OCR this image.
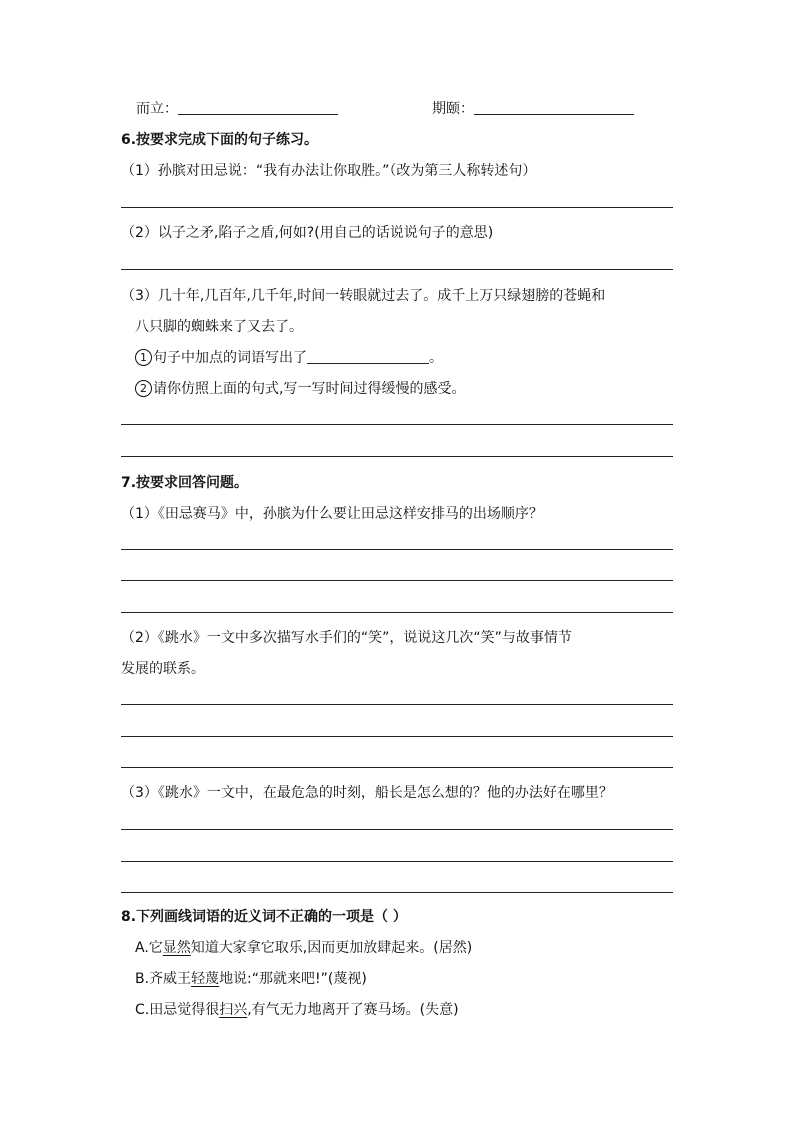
而立：	期颐：
6.按要求完成下面的句子练习。
（1）孙膑对田忌说：“我有办法让你取胜。”（改为第三人称转述句）
（2）以子之矛,陷子之盾,何如?(用自己的话说说句子的意思)
（3）几十年,几百年,几千年,时间一转眼就过去了。成千上万只绿翅膀的苍蝇和
八只脚的蜘蛛来了又去了。
1 句子中加点的词语写出了	。
2 请你仿照上面的句式,写一写时间过得缓慢的感受。
7.按要求回答问题。
（1）《田忌赛马》中，孙膑为什么要让田忌这样安排马的出场顺序？
（2）《跳水》一文中多次描写水手们的“笑”，说说这几次“笑”与故事情节
发展的联系。
（3）《跳水》一文中，在最危急的时刻，船长是怎么想的？他的办法好在哪里？
8.下列画线词语的近义词不正确的一项是（ ）
A.它显然知道大家拿它取乐,因而更加放肆起来。(居然)
B.齐威王轻蔑地说:“那就来吧!”(蔑视)
C.田忌觉得很扫兴,有气无力地离开了赛马场。(失意)
